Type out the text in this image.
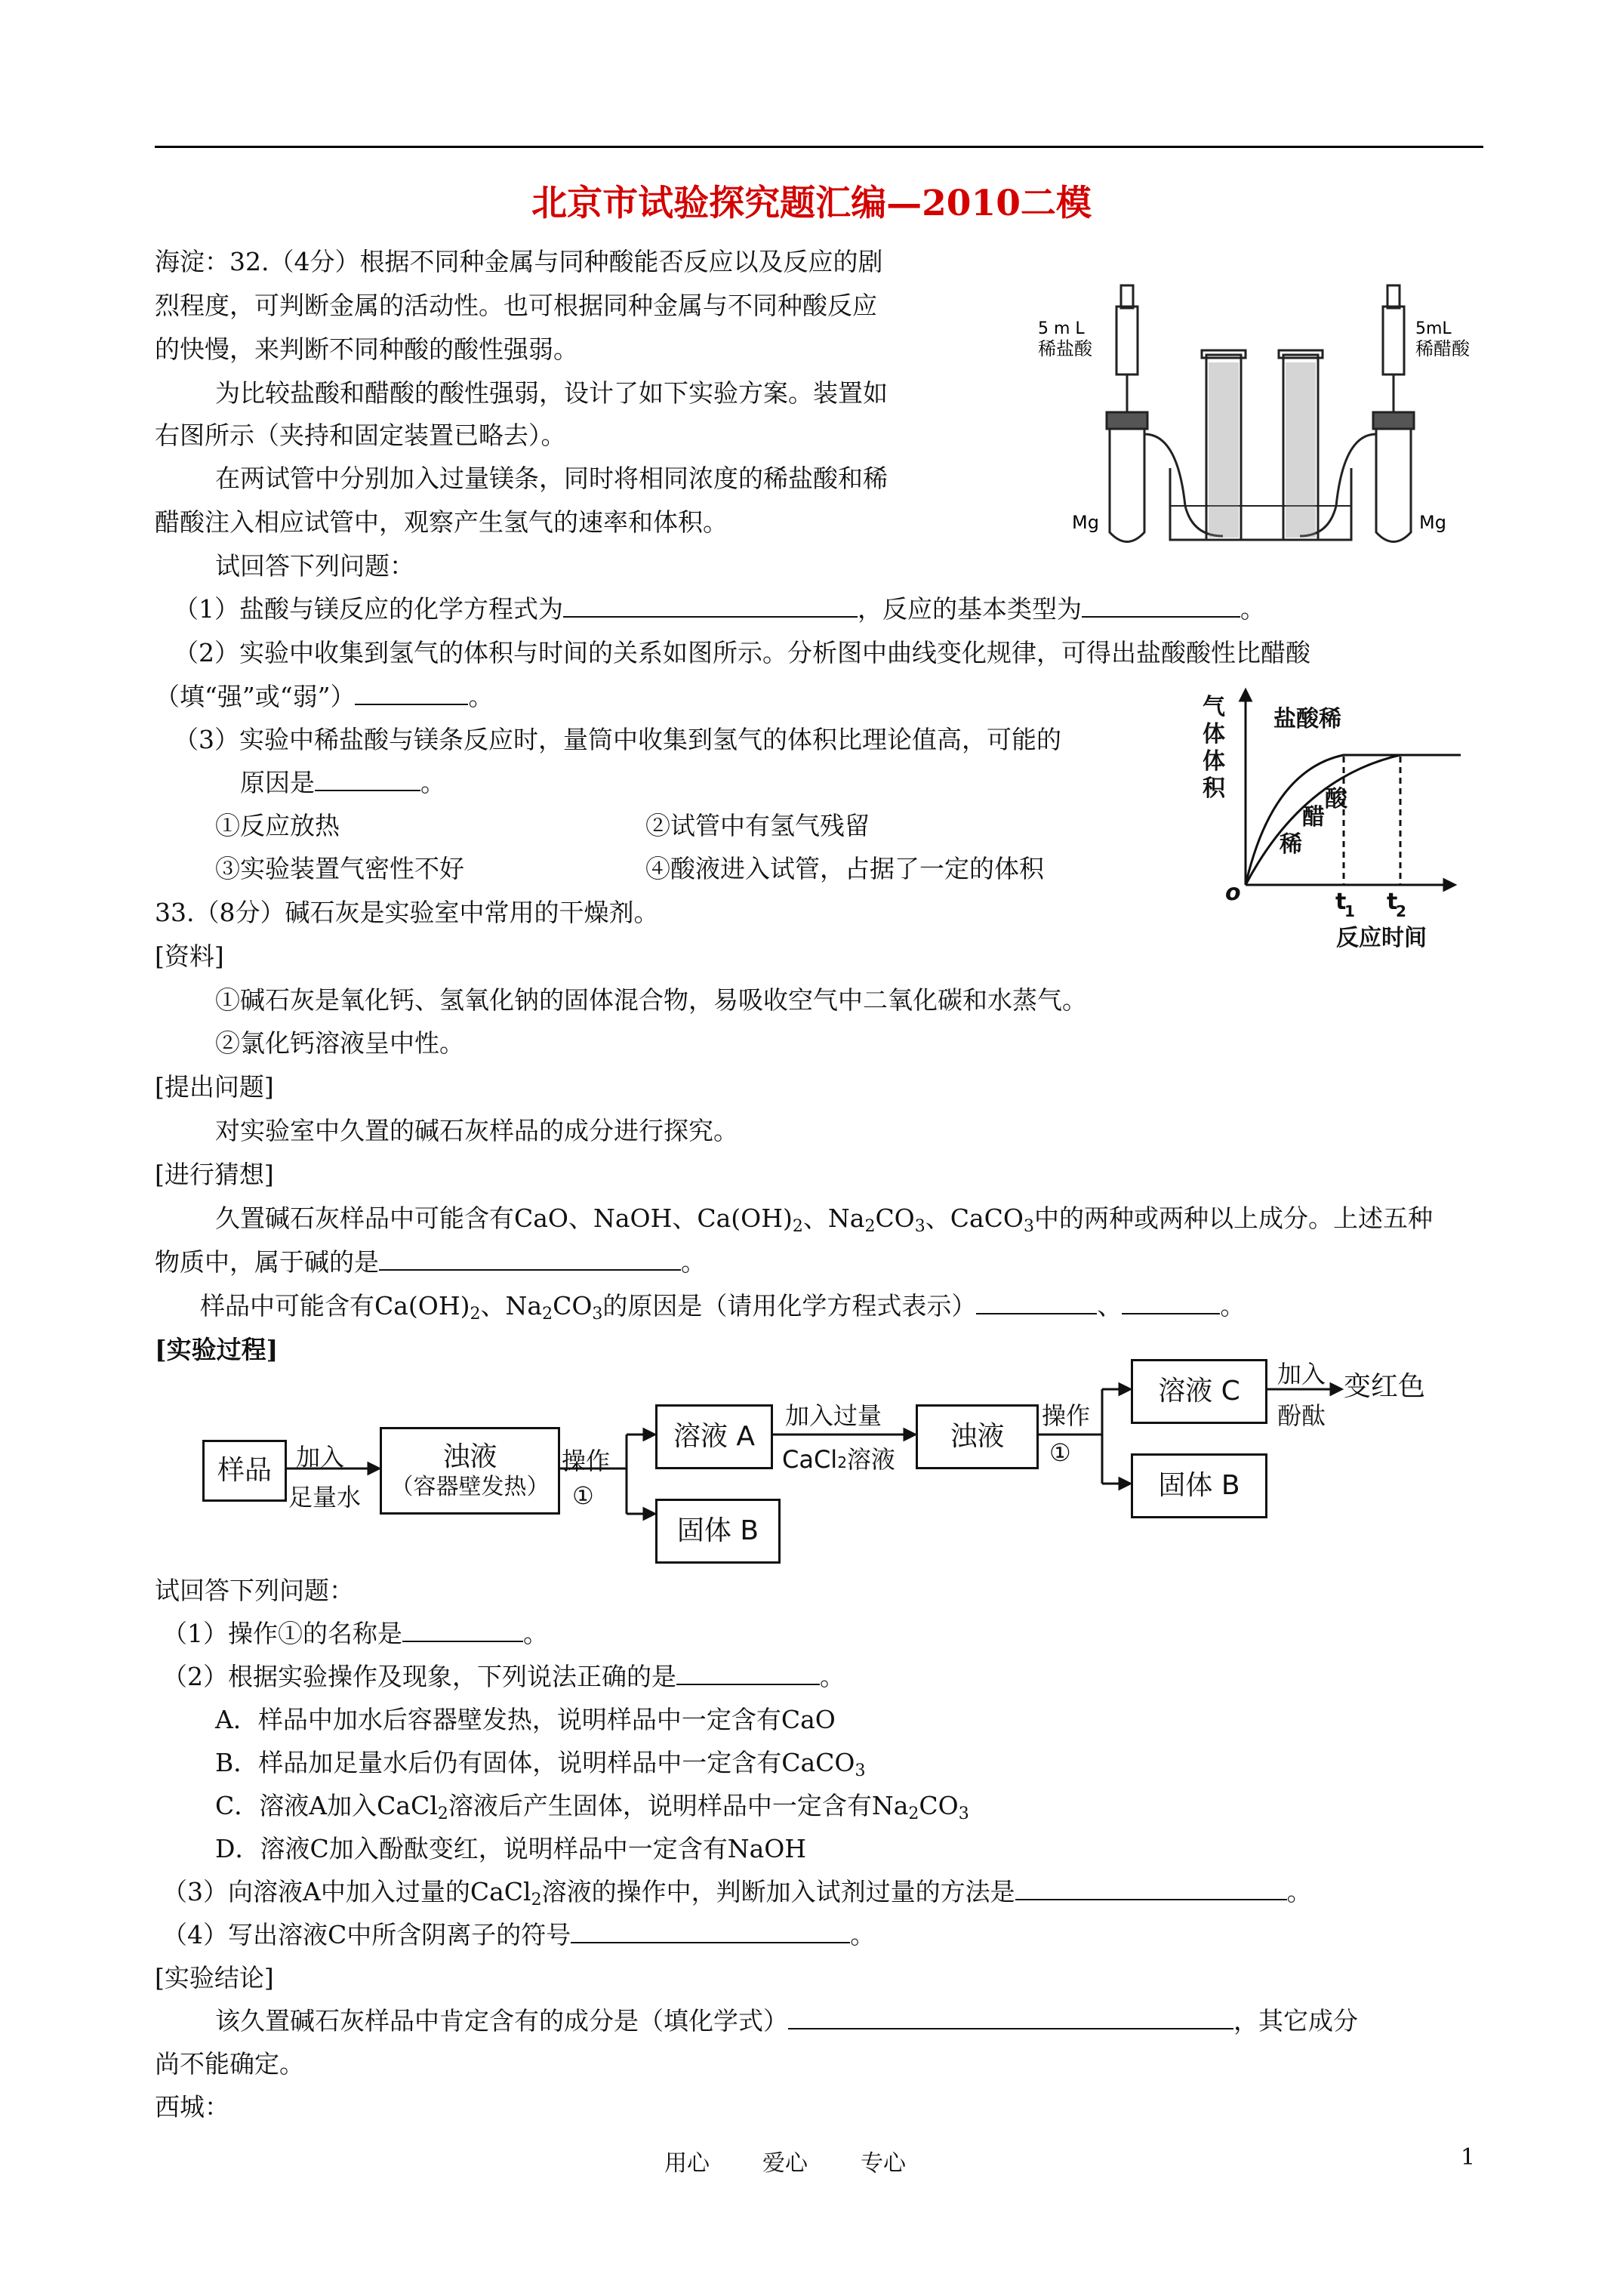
北京市试验探究题汇编—2010二模
海淀：32.（4分）根据不同种金属与同种酸能否反应以及反应的剧
烈程度，可判断金属的活动性。也可根据同种金属与不同种酸反应
的快慢，来判断不同种酸的酸性强弱。
为比较盐酸和醋酸的酸性强弱，设计了如下实验方案。装置如
右图所示（夹持和固定装置已略去）。
在两试管中分别加入过量镁条，同时将相同浓度的稀盐酸和稀
醋酸注入相应试管中，观察产生氢气的速率和体积。
试回答下列问题：
5 m L
稀盐酸
5mL
稀醋酸
Mg	Mg
（1）盐酸与镁反应的化学方程式为	，反应的基本类型为	。
（2）实验中收集到氢气的体积与时间的关系如图所示。分析图中曲线变化规律，可得出盐酸酸性比醋酸
（填“强”或“弱”）	。
（3）实验中稀盐酸与镁条反应时，量筒中收集到氢气的体积比理论值高，可能的
原因是	。
①反应放热	②试管中有氢气残留
③实验装置气密性不好	④酸液进入试管，占据了一定的体积
气
体
体
积
盐酸稀
酸
醋
稀
o	t
1 t
2
反应时间
33.（8分）碱石灰是实验室中常用的干燥剂。
[资料]
①碱石灰是氧化钙、氢氧化钠的固体混合物，易吸收空气中二氧化碳和水蒸气。
②氯化钙溶液呈中性。
[提出问题]
对实验室中久置的碱石灰样品的成分进行探究。
[进行猜想]
久置碱石灰样品中可能含有CaO、NaOH、$Ca(OH)_2$、$Na_2CO_3$、CaCO$_3$中的两种或两种以上成分。上述五种
物质中，属于碱的是	。
样品中可能含有$Ca(OH)_2$、$Na_2CO_3$的原因是（请用化学方程式表示）	、	。
[实验过程]
样品 加入
足量水
浊液
（容器壁发热）
操作
①
溶液 A
固体 B
加入过量
CaCl2溶液
浊液
操作
①
溶液 C
固体 B
加入
酚酞
变红色
试回答下列问题：
（1）操作①的名称是	。
（2）根据实验操作及现象，下列说法正确的是	。
A．样品中加水后容器壁发热，说明样品中一定含有CaO
B．样品加足量水后仍有固体，说明样品中一定含有CaCO$_3$
C．溶液A加入CaCl$_2$溶液后产生固体，说明样品中一定含有$Na_2CO_3$
D．溶液C加入酚酞变红，说明样品中一定含有NaOH
（3）向溶液A中加入过量的CaCl$_2$溶液的操作中，判断加入试剂过量的方法是	。
（4）写出溶液C中所含阴离子的符号	。
[实验结论]
该久置碱石灰样品中肯定含有的成分是（填化学式）	，其它成分
尚不能确定。
西城：
用心 爱心 专心	1
